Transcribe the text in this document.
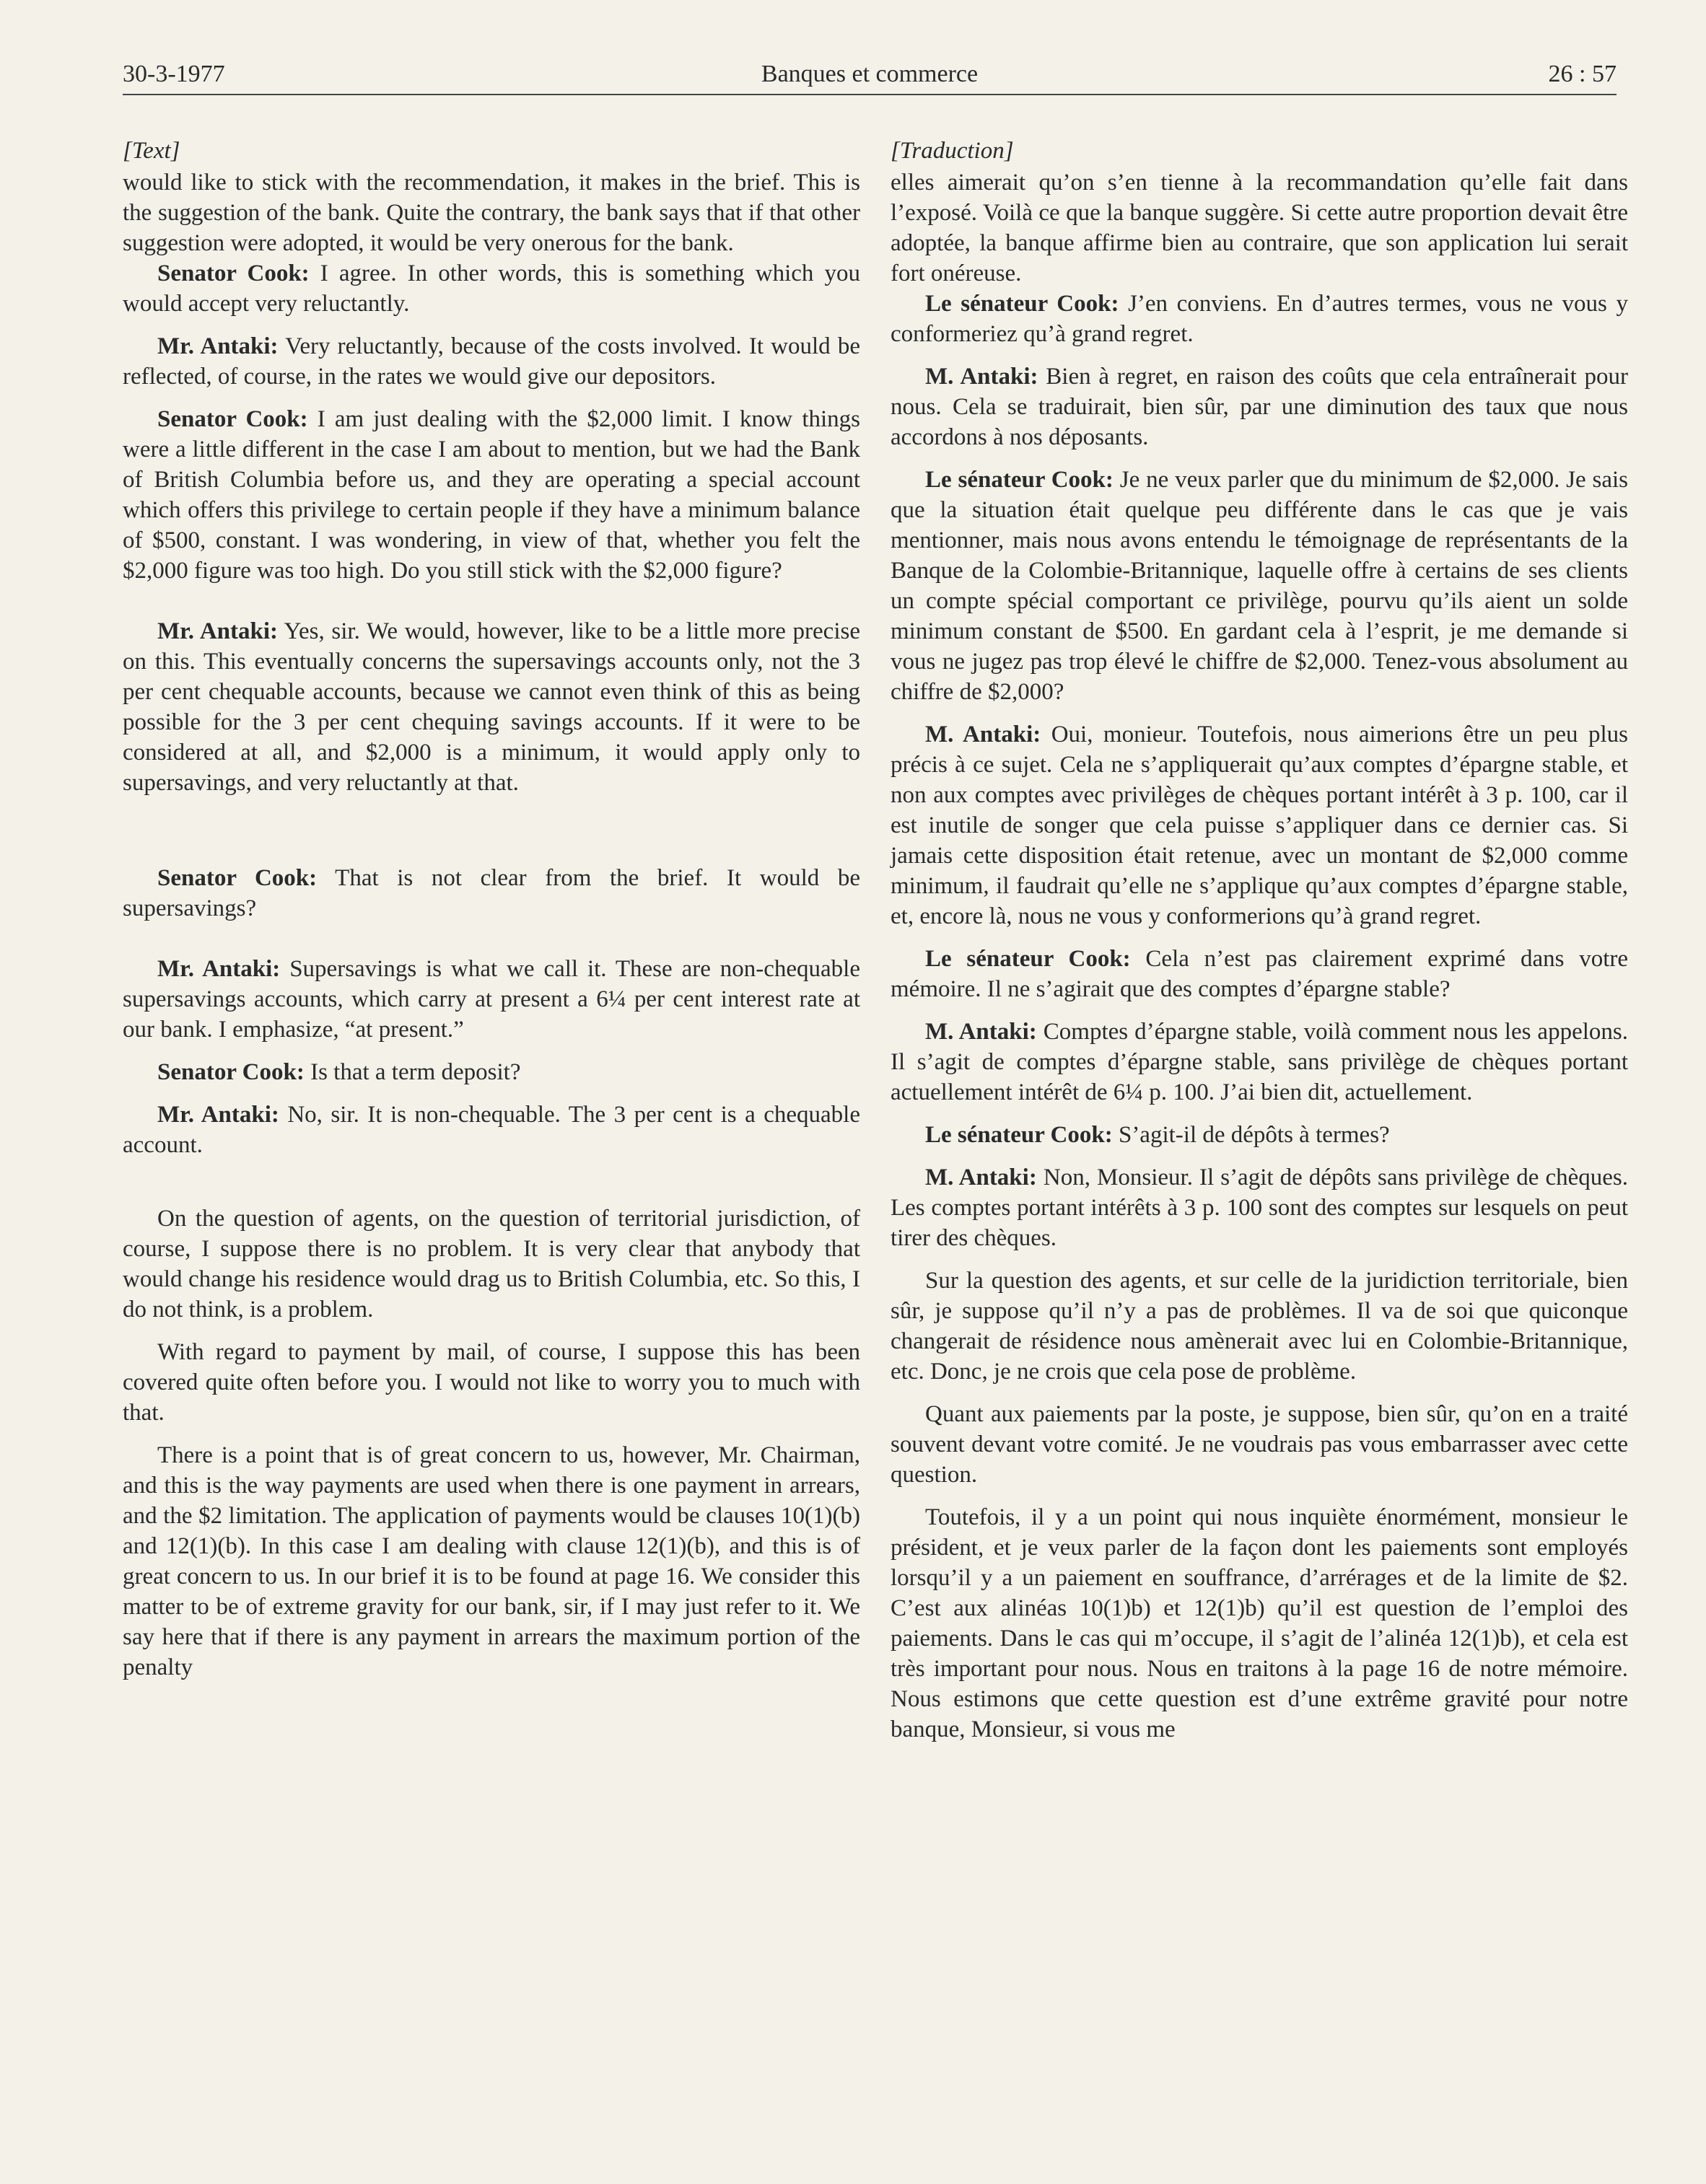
30-3-1977	Banques et commerce	26 : 57
[Text]

would like to stick with the recommendation, it makes in the brief. This is the suggestion of the bank. Quite the contrary, the bank says that if that other suggestion were adopted, it would be very onerous for the bank.

Senator Cook: I agree. In other words, this is something which you would accept very reluctantly.

Mr. Antaki: Very reluctantly, because of the costs involved. It would be reflected, of course, in the rates we would give our depositors.

Senator Cook: I am just dealing with the $2,000 limit. I know things were a little different in the case I am about to mention, but we had the Bank of British Columbia before us, and they are operating a special account which offers this privilege to certain people if they have a minimum balance of $500, constant. I was wondering, in view of that, whether you felt the $2,000 figure was too high. Do you still stick with the $2,000 figure?

Mr. Antaki: Yes, sir. We would, however, like to be a little more precise on this. This eventually concerns the supersavings accounts only, not the 3 per cent chequable accounts, because we cannot even think of this as being possible for the 3 per cent chequing savings accounts. If it were to be considered at all, and $2,000 is a minimum, it would apply only to supersavings, and very reluctantly at that.

Senator Cook: That is not clear from the brief. It would be supersavings?

Mr. Antaki: Supersavings is what we call it. These are non-chequable supersavings accounts, which carry at present a 6¼ per cent interest rate at our bank. I emphasize, “at present.”

Senator Cook: Is that a term deposit?

Mr. Antaki: No, sir. It is non-chequable. The 3 per cent is a chequable account.

On the question of agents, on the question of territorial jurisdiction, of course, I suppose there is no problem. It is very clear that anybody that would change his residence would drag us to British Columbia, etc. So this, I do not think, is a problem.

With regard to payment by mail, of course, I suppose this has been covered quite often before you. I would not like to worry you to much with that.

There is a point that is of great concern to us, however, Mr. Chairman, and this is the way payments are used when there is one payment in arrears, and the $2 limitation. The application of payments would be clauses 10(1)(b) and 12(1)(b). In this case I am dealing with clause 12(1)(b), and this is of great concern to us. In our brief it is to be found at page 16. We consider this matter to be of extreme gravity for our bank, sir, if I may just refer to it. We say here that if there is any payment in arrears the maximum portion of the penalty

[Traduction]

elles aimerait qu’on s’en tienne à la recommandation qu’elle fait dans l’exposé. Voilà ce que la banque suggère. Si cette autre proportion devait être adoptée, la banque affirme bien au contraire, que son application lui serait fort onéreuse.

Le sénateur Cook: J’en conviens. En d’autres termes, vous ne vous y conformeriez qu’à grand regret.

M. Antaki: Bien à regret, en raison des coûts que cela entraînerait pour nous. Cela se traduirait, bien sûr, par une diminution des taux que nous accordons à nos déposants.

Le sénateur Cook: Je ne veux parler que du minimum de $2,000. Je sais que la situation était quelque peu différente dans le cas que je vais mentionner, mais nous avons entendu le témoignage de représentants de la Banque de la Colombie-Britannique, laquelle offre à certains de ses clients un compte spécial comportant ce privilège, pourvu qu’ils aient un solde minimum constant de $500. En gardant cela à l’esprit, je me demande si vous ne jugez pas trop élevé le chiffre de $2,000. Tenez-vous absolument au chiffre de $2,000?

M. Antaki: Oui, monieur. Toutefois, nous aimerions être un peu plus précis à ce sujet. Cela ne s’appliquerait qu’aux comptes d’épargne stable, et non aux comptes avec privilèges de chèques portant intérêt à 3 p. 100, car il est inutile de songer que cela puisse s’appliquer dans ce dernier cas. Si jamais cette disposition était retenue, avec un montant de $2,000 comme minimum, il faudrait qu’elle ne s’applique qu’aux comptes d’épargne stable, et, encore là, nous ne vous y conformerions qu’à grand regret.

Le sénateur Cook: Cela n’est pas clairement exprimé dans votre mémoire. Il ne s’agirait que des comptes d’épargne stable?

M. Antaki: Comptes d’épargne stable, voilà comment nous les appelons. Il s’agit de comptes d’épargne stable, sans privilège de chèques portant actuellement intérêt de 6¼ p. 100. J’ai bien dit, actuellement.

Le sénateur Cook: S’agit-il de dépôts à termes?

M. Antaki: Non, Monsieur. Il s’agit de dépôts sans privilège de chèques. Les comptes portant intérêts à 3 p. 100 sont des comptes sur lesquels on peut tirer des chèques.

Sur la question des agents, et sur celle de la juridiction territoriale, bien sûr, je suppose qu’il n’y a pas de problèmes. Il va de soi que quiconque changerait de résidence nous amènerait avec lui en Colombie-Britannique, etc. Donc, je ne crois que cela pose de problème.

Quant aux paiements par la poste, je suppose, bien sûr, qu’on en a traité souvent devant votre comité. Je ne voudrais pas vous embarrasser avec cette question.

Toutefois, il y a un point qui nous inquiète énormément, monsieur le président, et je veux parler de la façon dont les paiements sont employés lorsqu’il y a un paiement en souffrance, d’arrérages et de la limite de $2. C’est aux alinéas 10(1)b) et 12(1)b) qu’il est question de l’emploi des paiements. Dans le cas qui m’occupe, il s’agit de l’alinéa 12(1)b), et cela est très important pour nous. Nous en traitons à la page 16 de notre mémoire. Nous estimons que cette question est d’une extrême gravité pour notre banque, Monsieur, si vous me
